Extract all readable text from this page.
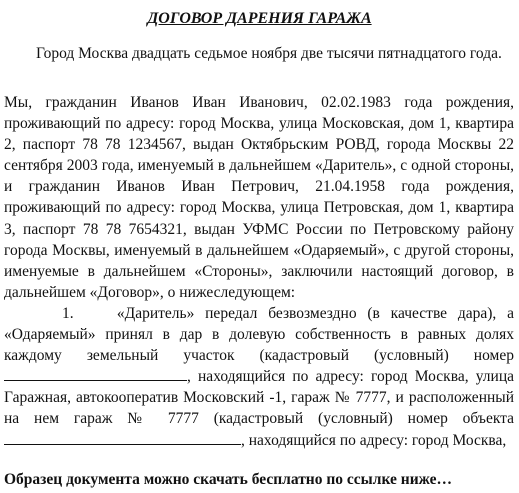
ДОГОВОР ДАРЕНИЯ ГАРАЖА
Город Москва двадцать седьмое ноября две тысячи пятнадцатого года.

Мы, гражданин Иванов Иван Иванович, 02.02.1983 года рождения, проживающий по адресу: город Москва, улица Московская, дом 1, квартира 2, паспорт 78 78 1234567, выдан Октябрьским РОВД, города Москвы 22 сентября 2003 года, именуемый в дальнейшем «Даритель», с одной стороны, и гражданин Иванов Иван Петрович, 21.04.1958 года рождения, проживающий по адресу: город Москва, улица Петровская, дом 1, квартира 3, паспорт 78 78 7654321, выдан УФМС России по Петровскому району города Москвы, именуемый в дальнейшем «Одаряемый», с другой стороны, именуемые в дальнейшем «Стороны», заключили настоящий договор, в дальнейшем «Договор», о нижеследующем:

1.	«Даритель» передал безвозмездно (в качестве дара), а «Одаряемый» принял в дар в долевую собственность в равных долях каждому земельный участок (кадастровый (условный) номер , находящийся по адресу: город Москва, улица Гаражная, автокооператив Московский -1, гараж № 7777, и расположенный на нем гараж № 7777 (кадастровый (условный) номер объекта , находящийся по адресу: город Москва,

Образец документа можно скачать бесплатно по ссылке ниже…
